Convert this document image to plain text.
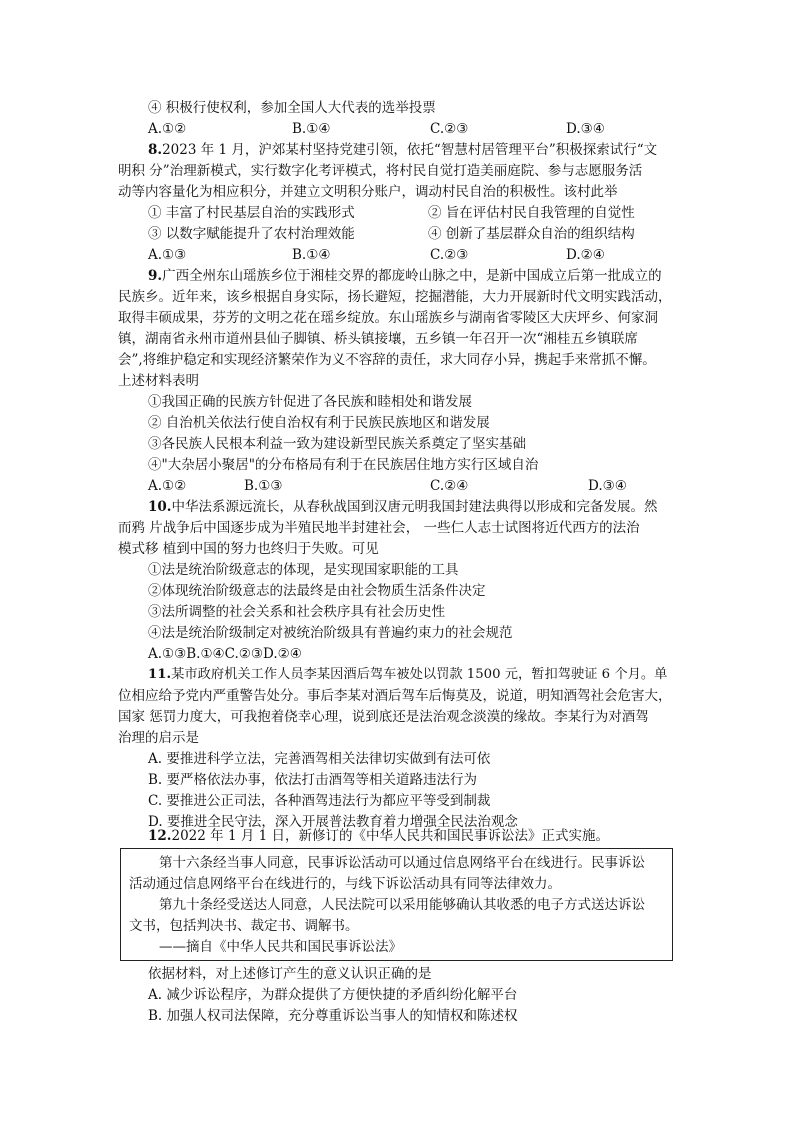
④ 积极行使权利，参加全国人大代表的选举投票
A.①②	B.①④	C.②③	D.③④
8.2023 年 1 月，沪郊某村坚持党建引领，依托“智慧村居管理平台”积极探索试行“文
明积 分”治理新模式，实行数字化考评模式，将村民自觉打造美丽庭院、参与志愿服务活
动等内容量化为相应积分，并建立文明积分账户，调动村民自治的积极性。该村此举
① 丰富了村民基层自治的实践形式	② 旨在评估村民自我管理的自觉性
③ 以数字赋能提升了农村治理效能	④ 创新了基层群众自治的组织结构
A.①③	B.①④	C.②③	D.②④
9.广西全州东山瑶族乡位于湘桂交界的都庞岭山脉之中，是新中国成立后第一批成立的
民族乡。近年来，该乡根据自身实际，扬长避短，挖掘潜能，大力开展新时代文明实践活动，
取得丰硕成果，芬芳的文明之花在瑶乡绽放。东山瑶族乡与湖南省零陵区大庆坪乡、何家洞
镇，湖南省永州市道州县仙子脚镇、桥头镇接壤，五乡镇一年召开一次“湘桂五乡镇联席
会”,将维护稳定和实现经济繁荣作为义不容辞的责任，求大同存小异，携起手来常抓不懈。
上述材料表明
①我国正确的民族方针促进了各民族和睦相处和谐发展
② 自治机关依法行使自治权有利于民族民族地区和谐发展
③各民族人民根本利益一致为建设新型民族关系奠定了坚实基础
④"大杂居小聚居"的分布格局有利于在民族居住地方实行区域自治
A.①②	B.①③	C.②④	D.③④
10.中华法系源远流长，从春秋战国到汉唐元明我国封建法典得以形成和完备发展。然
而鸦 片战争后中国逐步成为半殖民地半封建社会， 一些仁人志士试图将近代西方的法治
模式移 植到中国的努力也终归于失败。可见
①法是统治阶级意志的体现，是实现国家职能的工具
②体现统治阶级意志的法最终是由社会物质生活条件决定
③法所调整的社会关系和社会秩序具有社会历史性
④法是统治阶级制定对被统治阶级具有普遍约束力的社会规范
A.①③B.①④C.②③D.②④
11.某市政府机关工作人员李某因酒后驾车被处以罚款 1500 元，暂扣驾驶证 6 个月。单
位相应给予党内严重警告处分。事后李某对酒后驾车后悔莫及，说道，明知酒驾社会危害大，
国家 惩罚力度大，可我抱着侥幸心理，说到底还是法治观念淡漠的缘故。李某行为对酒驾
治理的启示是
A. 要推进科学立法，完善酒驾相关法律切实做到有法可依
B. 要严格依法办事，依法打击酒驾等相关道路违法行为
C. 要推进公正司法，各种酒驾违法行为都应平等受到制裁
D. 要推进全民守法，深入开展普法教育着力增强全民法治观念
12.2022 年 1 月 1 日，新修订的《中华人民共和国民事诉讼法》正式实施。
第十六条经当事人同意，民事诉讼活动可以通过信息网络平台在线进行。民事诉讼
活动通过信息网络平台在线进行的，与线下诉讼活动具有同等法律效力。
第九十条经受送达人同意，人民法院可以采用能够确认其收悉的电子方式送达诉讼
文书，包括判决书、裁定书、调解书。
——摘自《中华人民共和国民事诉讼法》
依据材料，对上述修订产生的意义认识正确的是
A. 减少诉讼程序，为群众提供了方便快捷的矛盾纠纷化解平台
B. 加强人权司法保障，充分尊重诉讼当事人的知情权和陈述权
